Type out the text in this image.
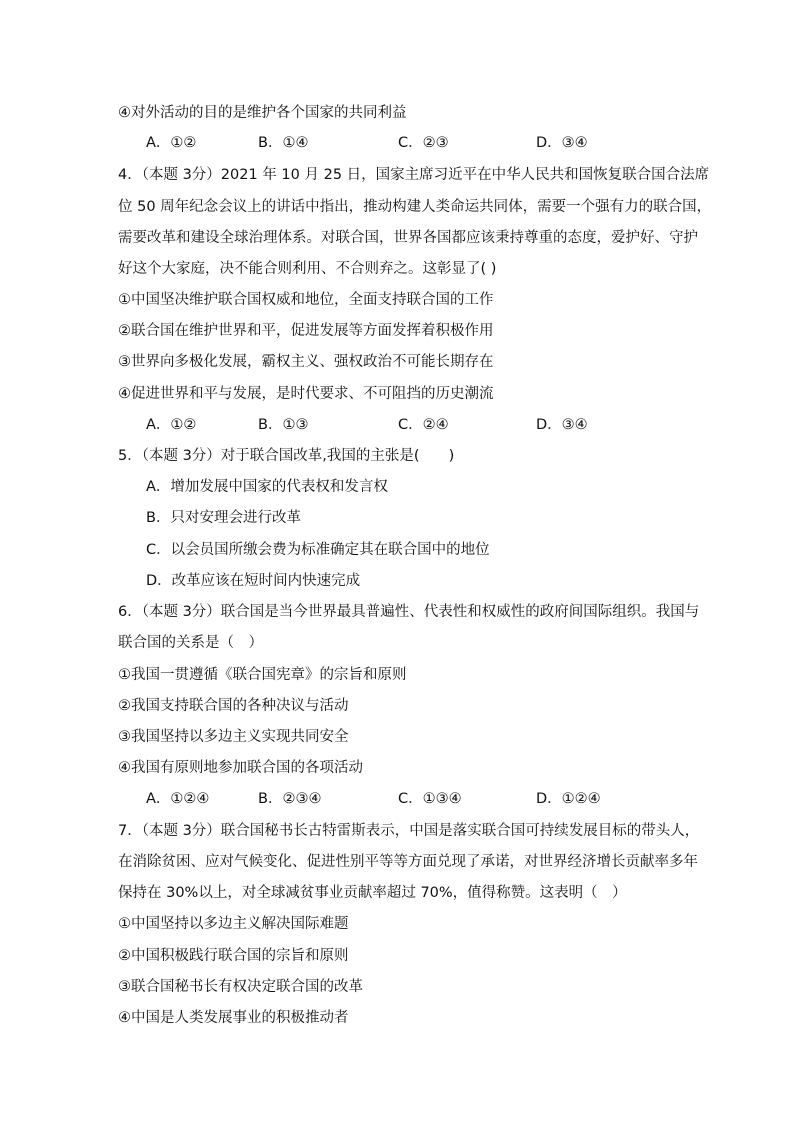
④对外活动的目的是维护各个国家的共同利益
A．①②	B．①④	C．②③	D．③④
4．（本题 3分）2021 年 10 月 25 日，国家主席习近平在中华人民共和国恢复联合国合法席
位 50 周年纪念会议上的讲话中指出，推动构建人类命运共同体，需要一个强有力的联合国，
需要改革和建设全球治理体系。对联合国，世界各国都应该秉持尊重的态度，爱护好、守护
好这个大家庭，决不能合则利用、不合则弃之。这彰显了( )
①中国坚决维护联合国权威和地位，全面支持联合国的工作
②联合国在维护世界和平，促进发展等方面发挥着积极作用
③世界向多极化发展，霸权主义、强权政治不可能长期存在
④促进世界和平与发展，是时代要求、不可阻挡的历史潮流
A．①②	B．①③	C．②④	D．③④
5．（本题 3分）对于联合国改革,我国的主张是(　　)
A．增加发展中国家的代表权和发言权
B．只对安理会进行改革
C．以会员国所缴会费为标准确定其在联合国中的地位
D．改革应该在短时间内快速完成
6．（本题 3分）联合国是当今世界最具普遍性、代表性和权威性的政府间国际组织。我国与
联合国的关系是（　）
①我国一贯遵循《联合国宪章》的宗旨和原则
②我国支持联合国的各种决议与活动
③我国坚持以多边主义实现共同安全
④我国有原则地参加联合国的各项活动
A．①②④	B．②③④	C．①③④	D．①②④
7．（本题 3分）联合国秘书长古特雷斯表示，中国是落实联合国可持续发展目标的带头人，
在消除贫困、应对气候变化、促进性别平等等方面兑现了承诺，对世界经济增长贡献率多年
保持在 30%以上，对全球减贫事业贡献率超过 70%，值得称赞。这表明（　）
①中国坚持以多边主义解决国际难题
②中国积极践行联合国的宗旨和原则
③联合国秘书长有权决定联合国的改革
④中国是人类发展事业的积极推动者
